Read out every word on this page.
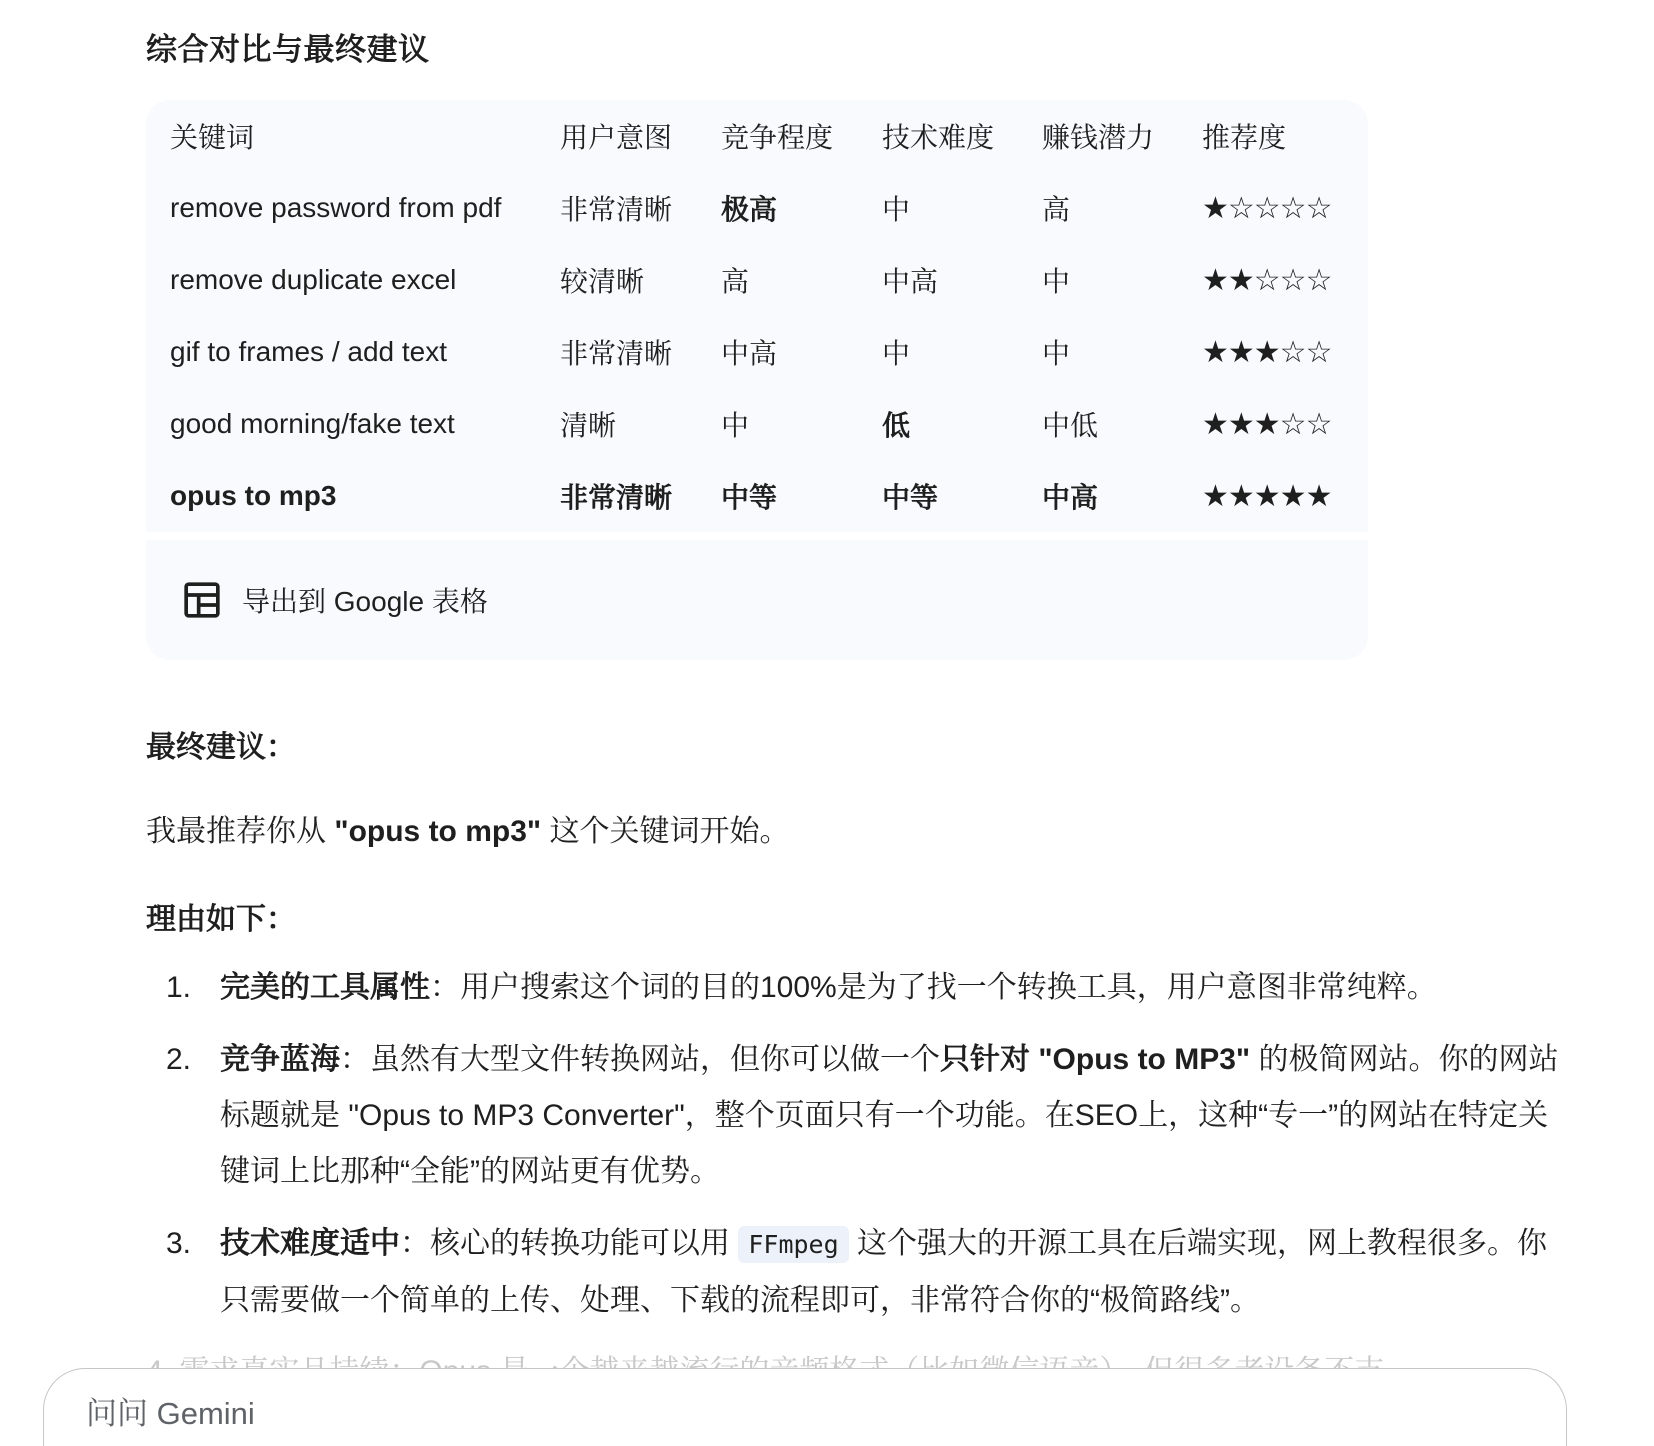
综合对比与最终建议
关键词	用户意图	竞争程度	技术难度	赚钱潜力	推荐度
remove password from pdf	非常清晰	极高	中	高	★☆☆☆☆
remove duplicate excel	较清晰	高	中高	中	★★☆☆☆
gif to frames / add text	非常清晰	中高	中	中	★★★☆☆
good morning/fake text	清晰	中	低	中低	★★★☆☆
opus to mp3	非常清晰	中等	中等	中高	★★★★★
导出到 Google 表格
最终建议：
我最推荐你从 "opus to mp3" 这个关键词开始。
理由如下：
1. 完美的工具属性：用户搜索这个词的目的100%是为了找一个转换工具，用户意图非常纯粹。
2. 竞争蓝海：虽然有大型文件转换网站，但你可以做一个只针对 "Opus to MP3" 的极简网站。你的网站标题就是 "Opus to MP3 Converter"，整个页面只有一个功能。在SEO上，这种“专一”的网站在特定关键词上比那种“全能”的网站更有优势。
3. 技术难度适中：核心的转换功能可以用 FFmpeg 这个强大的开源工具在后端实现，网上教程很多。你只需要做一个简单的上传、处理、下载的流程即可，非常符合你的“极简路线”。
问问 Gemini
